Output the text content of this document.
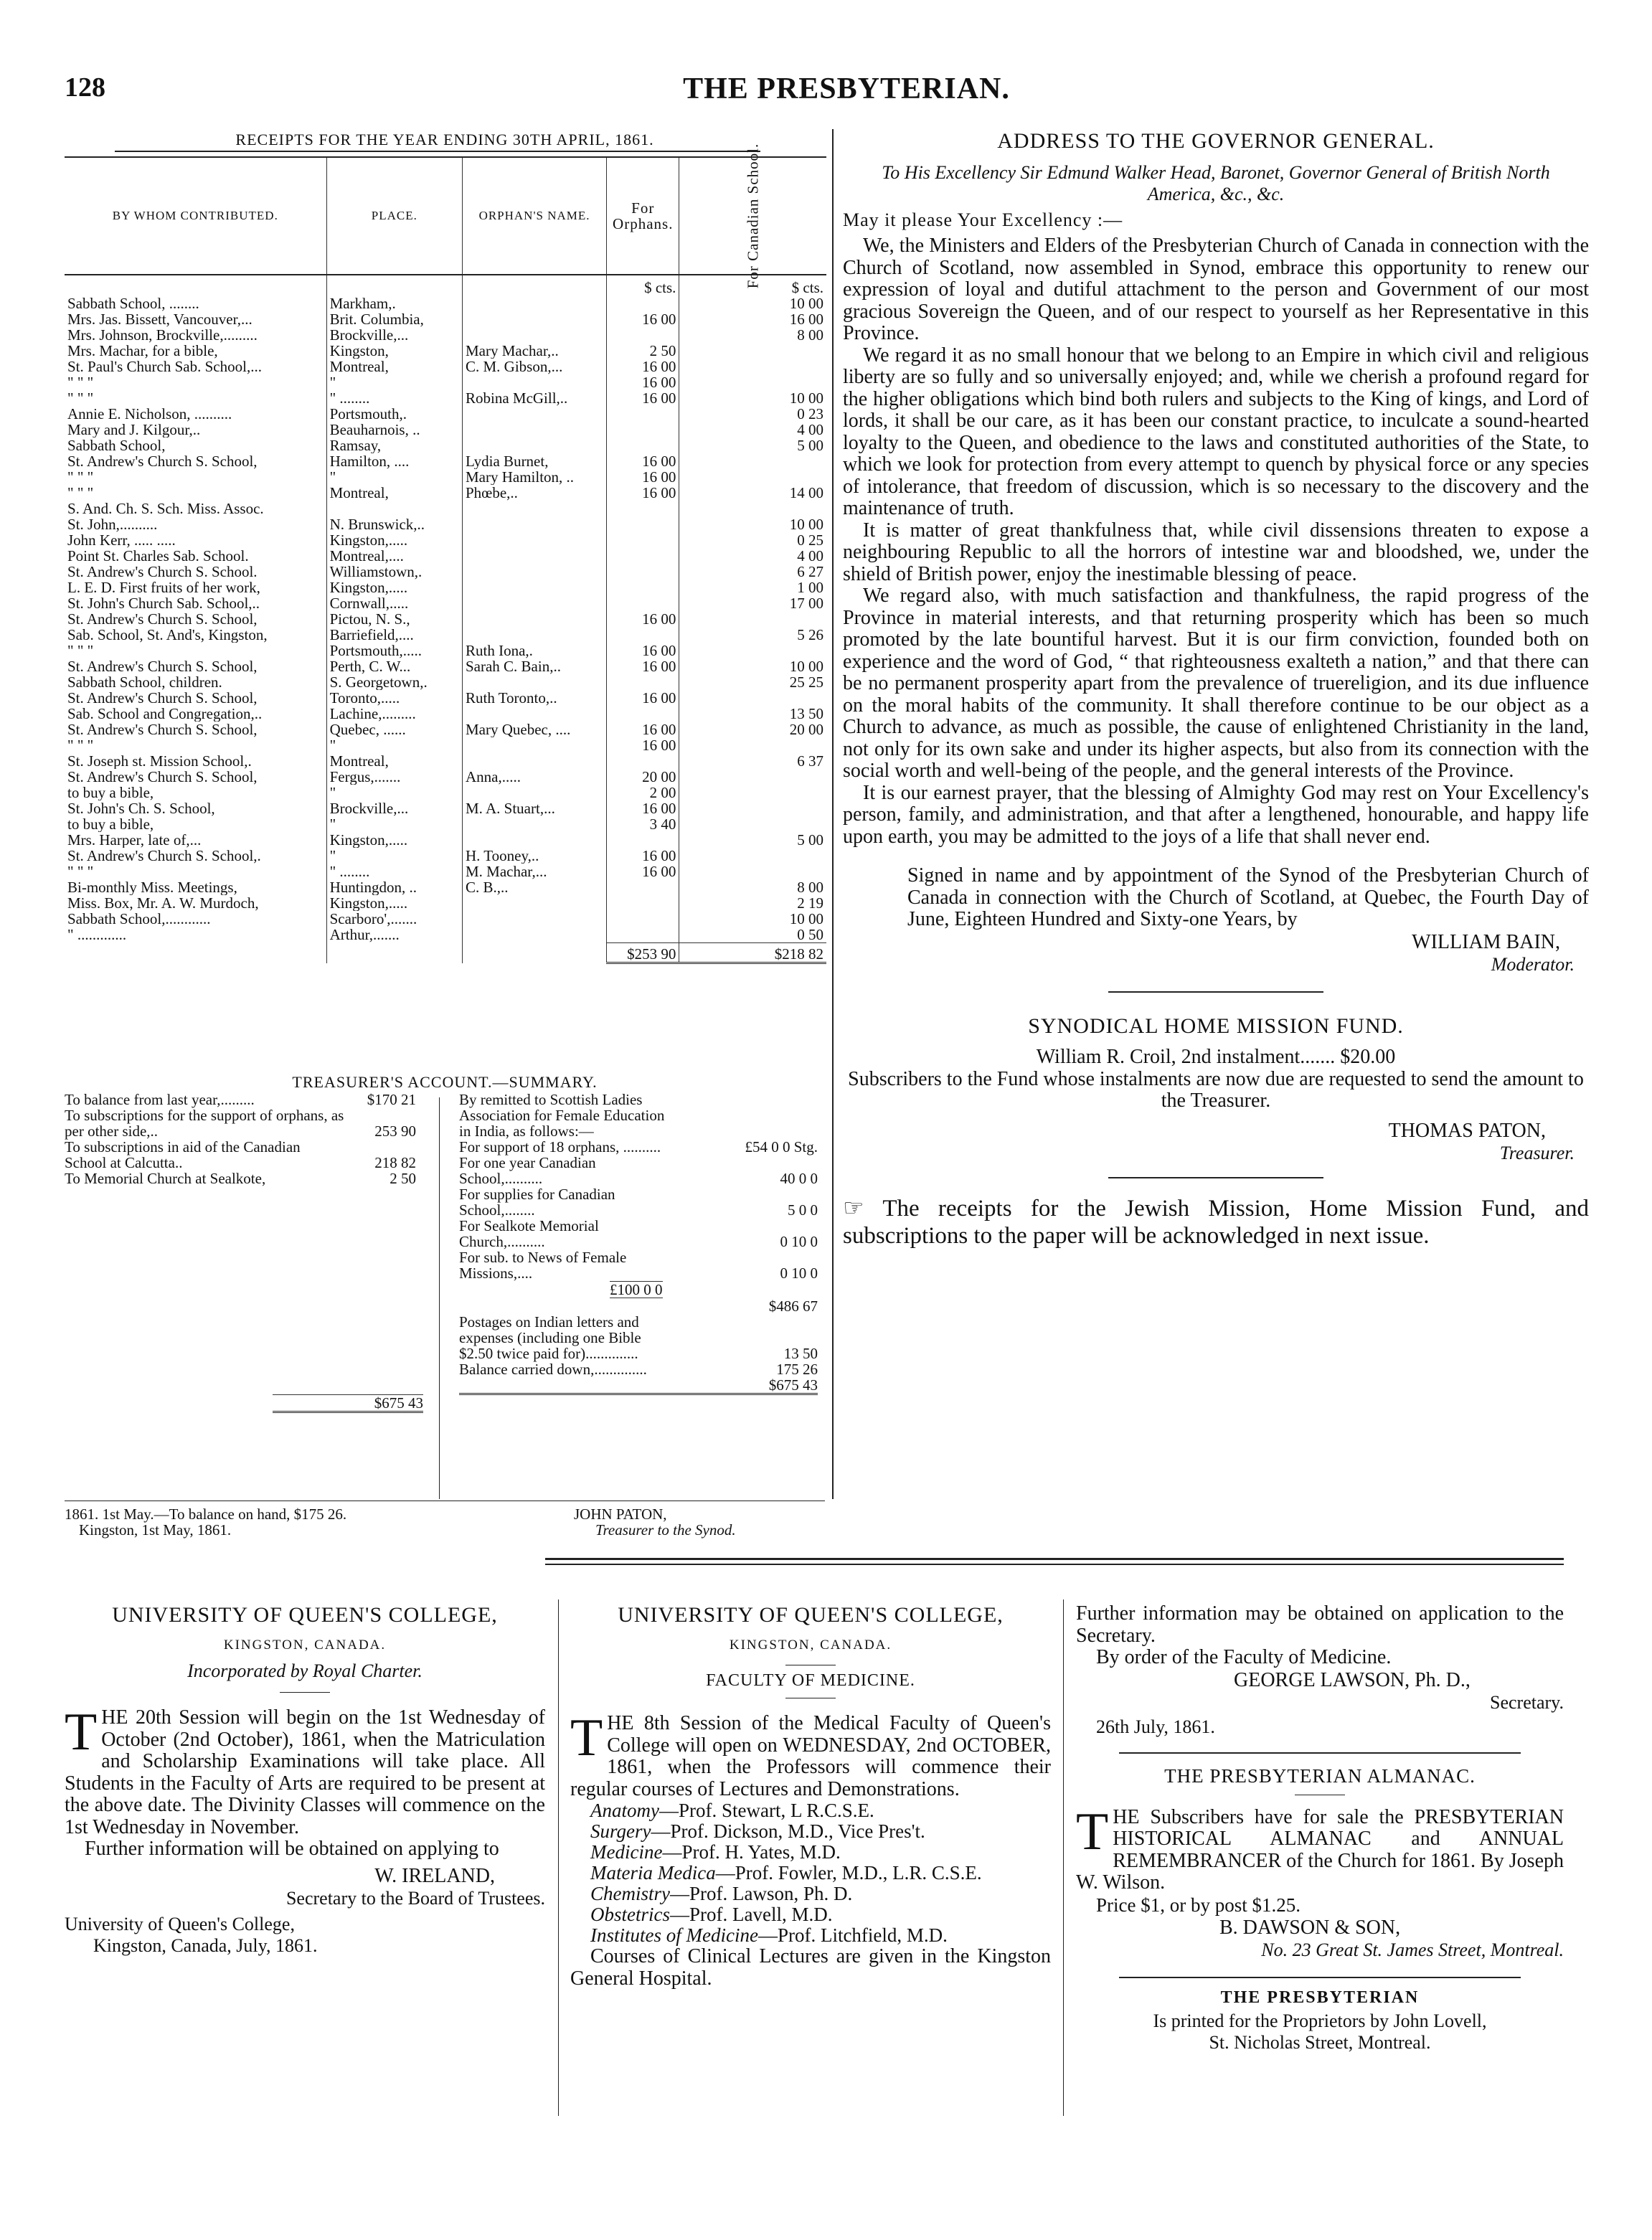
128	THE PRESBYTERIAN.
RECEIPTS FOR THE YEAR ENDING 30TH APRIL, 1861.
BY WHOM CONTRIBUTED.	PLACE.	ORPHAN'S NAME.	For Orphans.	For Canadian School.

			$ cts.	$ cts.
Sabbath School, ........	Markham,.			10 00
Mrs. Jas. Bissett, Vancouver,...	Brit. Columbia,		16 00	16 00
Mrs. Johnson, Brockville,.........	Brockville,...			8 00
Mrs. Machar, for a bible,	Kingston,	Mary Machar,..	2 50	
St. Paul's Church Sab. School,...	Montreal,	C. M. Gibson,...	16 00	
" " "	"		16 00	
" " "	" ........	Robina McGill,..	16 00	10 00
Annie E. Nicholson, ..........	Portsmouth,.			0 23
Mary and J. Kilgour,..	Beauharnois, ..			4 00
Sabbath School,	Ramsay,			5 00
St. Andrew's Church S. School,	Hamilton, ....	Lydia Burnet,	16 00	
" " "	"	Mary Hamilton, ..	16 00	
" " "	Montreal,	Phœbe,..	16 00	14 00
S. And. Ch. S. Sch. Miss. Assoc.				
St. John,..........	N. Brunswick,..			10 00
John Kerr, ..... .....	Kingston,.....			0 25
Point St. Charles Sab. School.	Montreal,....			4 00
St. Andrew's Church S. School.	Williamstown,.			6 27
L. E. D. First fruits of her work,	Kingston,.....			1 00
St. John's Church Sab. School,..	Cornwall,.....			17 00
St. Andrew's Church S. School,	Pictou, N. S.,		16 00	
Sab. School, St. And's, Kingston,	Barriefield,....			5 26
" " "	Portsmouth,.....	Ruth Iona,.	16 00	
St. Andrew's Church S. School,	Perth, C. W...	Sarah C. Bain,..	16 00	10 00
Sabbath School, children.	S. Georgetown,.			25 25
St. Andrew's Church S. School,	Toronto,.....	Ruth Toronto,..	16 00	
Sab. School and Congregation,..	Lachine,.........			13 50
St. Andrew's Church S. School,	Quebec, ......	Mary Quebec, ....	16 00	20 00
" " "	"		16 00	
St. Joseph st. Mission School,.	Montreal,			6 37
St. Andrew's Church S. School,	Fergus,.......	Anna,.....	20 00	
to buy a bible,	"		2 00	
St. John's Ch. S. School,	Brockville,...	M. A. Stuart,...	16 00	
to buy a bible,	"		3 40	
Mrs. Harper, late of,...	Kingston,.....			5 00
St. Andrew's Church S. School,.	"	H. Tooney,..	16 00	
" " "	" ........	M. Machar,...	16 00	
Bi-monthly Miss. Meetings,	Huntingdon, ..	C. B.,..		8 00
Miss. Box, Mr. A. W. Murdoch,	Kingston,.....			2 19
Sabbath School,............	Scarboro',.......			10 00
" .............	Arthur,.......			0 50
			$253 90	$218 82
TREASURER'S ACCOUNT.—SUMMARY.
To balance from last year,.........	$170 21
To subscriptions for the support of orphans, as per other side,..	253 90
To subscriptions in aid of the Canadian School at Calcutta..	218 82
To Memorial Church at Sealkote,	2 50
$675 43
By remitted to Scottish Ladies Association for Female Education in India, as follows:—
For support of 18 orphans, ..........	£54 0 0 Stg.
For one year Canadian School,..........	40 0 0
For supplies for Canadian School,........	5 0 0
For Sealkote Memorial Church,..........	0 10 0
For sub. to News of Female Missions,....	0 10 0
£100 0 0
$486 67
Postages on Indian letters and expenses (including one Bible $2.50 twice paid for)..............	13 50
Balance carried down,..............	175 26
$675 43
1861. 1st May.—To balance on hand, $175 26.
Kingston, 1st May, 1861.
JOHN PATON,
Treasurer to the Synod.
ADDRESS TO THE GOVERNOR GENERAL.
To His Excellency Sir Edmund Walker Head, Baronet, Governor General of British North America, &c., &c.
May it please Your Excellency :—
We, the Ministers and Elders of the Presbyterian Church of Canada in connection with the Church of Scotland, now assembled in Synod, embrace this opportunity to renew our expression of loyal and dutiful attachment to the person and Government of our most gracious Sovereign the Queen, and of our respect to yourself as her Representative in this Province.
We regard it as no small honour that we belong to an Empire in which civil and religious liberty are so fully and so universally enjoyed; and, while we cherish a profound regard for the higher obligations which bind both rulers and subjects to the King of kings, and Lord of lords, it shall be our care, as it has been our constant practice, to inculcate a sound-hearted loyalty to the Queen, and obedience to the laws and constituted authorities of the State, to which we look for protection from every attempt to quench by physical force or any species of intolerance, that freedom of discussion, which is so necessary to the discovery and the maintenance of truth.
It is matter of great thankfulness that, while civil dissensions threaten to expose a neighbouring Republic to all the horrors of intestine war and bloodshed, we, under the shield of British power, enjoy the inestimable blessing of peace.
We regard also, with much satisfaction and thankfulness, the rapid progress of the Province in material interests, and that returning prosperity which has been so much promoted by the late bountiful harvest. But it is our firm conviction, founded both on experience and the word of God, “ that righteousness exalteth a nation,” and that there can be no permanent prosperity apart from the prevalence of truereligion, and its due influence on the moral habits of the community. It shall therefore continue to be our object as a Church to advance, as much as possible, the cause of enlightened Christianity in the land, not only for its own sake and under its higher aspects, but also from its connection with the social worth and well-being of the people, and the general interests of the Province.
It is our earnest prayer, that the blessing of Almighty God may rest on Your Excellency's person, family, and administration, and that after a lengthened, honourable, and happy life upon earth, you may be admitted to the joys of a life that shall never end.
Signed in name and by appointment of the Synod of the Presbyterian Church of Canada in connection with the Church of Scotland, at Quebec, the Fourth Day of June, Eighteen Hundred and Sixty-one Years, by
WILLIAM BAIN,
Moderator.
SYNODICAL HOME MISSION FUND.
William R. Croil, 2nd instalment....... $20.00
Subscribers to the Fund whose instalments are now due are requested to send the amount to the Treasurer.
THOMAS PATON,
Treasurer.
☞ The receipts for the Jewish Mission, Home Mission Fund, and subscriptions to the paper will be acknowledged in next issue.
UNIVERSITY OF QUEEN'S COLLEGE,
KINGSTON, CANADA.
Incorporated by Royal Charter.
THE 20th Session will begin on the 1st Wednesday of October (2nd October), 1861, when the Matriculation and Scholarship Examinations will take place. All Students in the Faculty of Arts are required to be present at the above date. The Divinity Classes will commence on the 1st Wednesday in November.
Further information will be obtained on applying to
W. IRELAND,
Secretary to the Board of Trustees.
University of Queen's College,
Kingston, Canada, July, 1861.
UNIVERSITY OF QUEEN'S COLLEGE,
KINGSTON, CANADA.
FACULTY OF MEDICINE.
THE 8th Session of the Medical Faculty of Queen's College will open on WEDNESDAY, 2nd OCTOBER, 1861, when the Professors will commence their regular courses of Lectures and Demonstrations.
Anatomy—Prof. Stewart, L R.C.S.E.
Surgery—Prof. Dickson, M.D., Vice Pres't.
Medicine—Prof. H. Yates, M.D.
Materia Medica—Prof. Fowler, M.D., L.R. C.S.E.
Chemistry—Prof. Lawson, Ph. D.
Obstetrics—Prof. Lavell, M.D.
Institutes of Medicine—Prof. Litchfield, M.D.
Courses of Clinical Lectures are given in the Kingston General Hospital.
Further information may be obtained on application to the Secretary.
By order of the Faculty of Medicine.
GEORGE LAWSON, Ph. D.,
Secretary.
26th July, 1861.
THE PRESBYTERIAN ALMANAC.
THE Subscribers have for sale the PRESBYTERIAN HISTORICAL ALMANAC and ANNUAL REMEMBRANCER of the Church for 1861. By Joseph W. Wilson.
Price $1, or by post $1.25.
B. DAWSON & SON,
No. 23 Great St. James Street, Montreal.
THE PRESBYTERIAN
Is printed for the Proprietors by John Lovell,
St. Nicholas Street, Montreal.
